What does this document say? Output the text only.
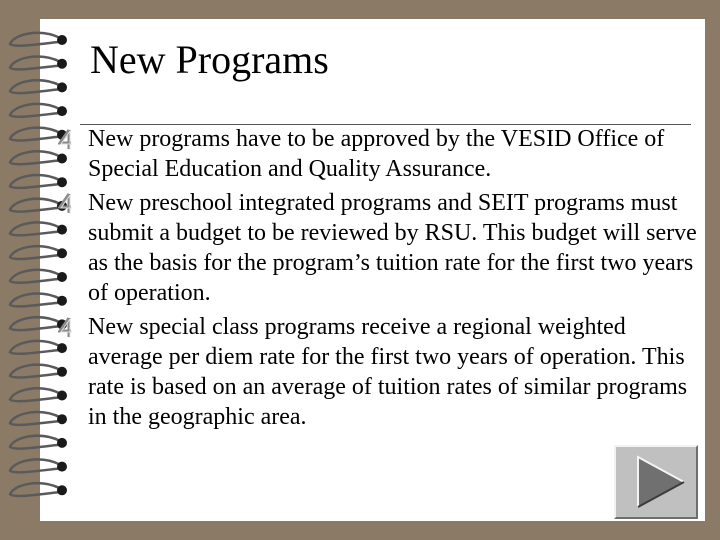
New Programs
New programs have to be approved by the VESID Office of Special Education and Quality Assurance.
New preschool integrated programs and SEIT programs must submit a budget to be reviewed by RSU. This budget will serve as the basis for the program’s tuition rate for the first two years of operation.
New special class programs receive a regional weighted average per diem rate for the first two years of operation. This rate is based on an average of tuition rates of similar programs in the geographic area.
